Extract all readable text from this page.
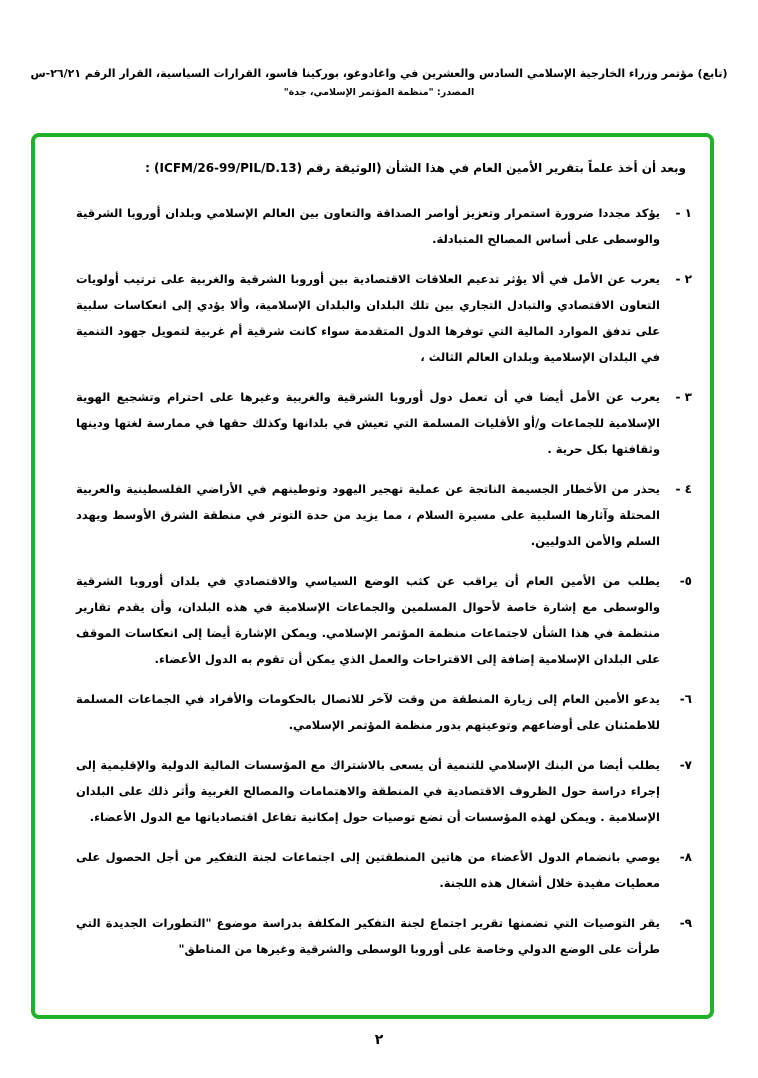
(تابع) مؤتمر وزراء الخارجية الإسلامي السادس والعشرين في واغادوغو، بوركينا فاسو، القرارات السياسية، القرار الرقم ٢٦/٢١-س
المصدر: "منظمة المؤتمر الإسلامي، جدة"
وبعد أن أخذ علماً بتقرير الأمين العام في هذا الشأن (الوثيقة رقم (ICFM/26-99/PIL/D.13) :
١ -
يؤكد مجددا ضرورة استمرار وتعزيز أواصر الصداقة والتعاون بين العالم الإسلامي وبلدان أوروبا الشرقية والوسطى على أساس المصالح المتبادلة.
٢ -
يعرب عن الأمل في ألا يؤثر تدعيم العلاقات الاقتصادية بين أوروبا الشرقية والغربية على ترتيب أولويات التعاون الاقتصادي والتبادل التجاري بين تلك البلدان والبلدان الإسلامية، وألا يؤدي إلى انعكاسات سلبية على تدفق الموارد المالية التي توفرها الدول المتقدمة سواء كانت شرقية أم غربية لتمويل جهود التنمية في البلدان الإسلامية وبلدان العالم الثالث ،
٣ -
يعرب عن الأمل أيضا في أن تعمل دول أوروبا الشرقية والغربية وغيرها على احترام وتشجيع الهوية الإسلامية للجماعات و/أو الأقليات المسلمة التي تعيش في بلدانها وكذلك حقها في ممارسة لغتها ودينها وثقافتها بكل حرية .
٤ -
يحذر من الأخطار الجسيمة الناتجة عن عملية تهجير اليهود وتوطينهم في الأراضي الفلسطينية والعربية المحتلة وآثارها السلبية على مسيرة السلام ، مما يزيد من حدة التوتر في منطقة الشرق الأوسط ويهدد السلم والأمن الدوليين.
٥-
يطلب من الأمين العام أن يراقب عن كثب الوضع السياسي والاقتصادي في بلدان أوروبا الشرقية والوسطى مع إشارة خاصة لأحوال المسلمين والجماعات الإسلامية في هذه البلدان، وأن يقدم تقارير منتظمة في هذا الشأن لاجتماعات منظمة المؤتمر الإسلامي. ويمكن الإشارة أيضا إلى انعكاسات الموقف على البلدان الإسلامية إضافة إلى الاقتراحات والعمل الذي يمكن أن تقوم به الدول الأعضاء.
٦-
يدعو الأمين العام إلى زيارة المنطقة من وقت لآخر للاتصال بالحكومات والأفراد في الجماعات المسلمة للاطمئنان على أوضاعهم وتوعيتهم بدور منظمة المؤتمر الإسلامي.
٧-
يطلب أيضا من البنك الإسلامي للتنمية أن يسعى بالاشتراك مع المؤسسات المالية الدولية والإقليمية إلى إجراء دراسة حول الظروف الاقتصادية في المنطقة والاهتمامات والمصالح الغربية وأثر ذلك على البلدان الإسلامية . ويمكن لهذه المؤسسات أن تضع توصيات حول إمكانية تفاعل اقتصادياتها مع الدول الأعضاء.
٨-
يوصي بانضمام الدول الأعضاء من هاتين المنطقتين إلى اجتماعات لجنة التفكير من أجل الحصول على معطيات مفيدة خلال أشغال هذه اللجنة.
٩-
يقر التوصيات التي تضمنها تقرير اجتماع لجنة التفكير المكلفة بدراسة موضوع "التطورات الجديدة التي طرأت على الوضع الدولي وخاصة على أوروبا الوسطى والشرقية وغيرها من المناطق"
٢
